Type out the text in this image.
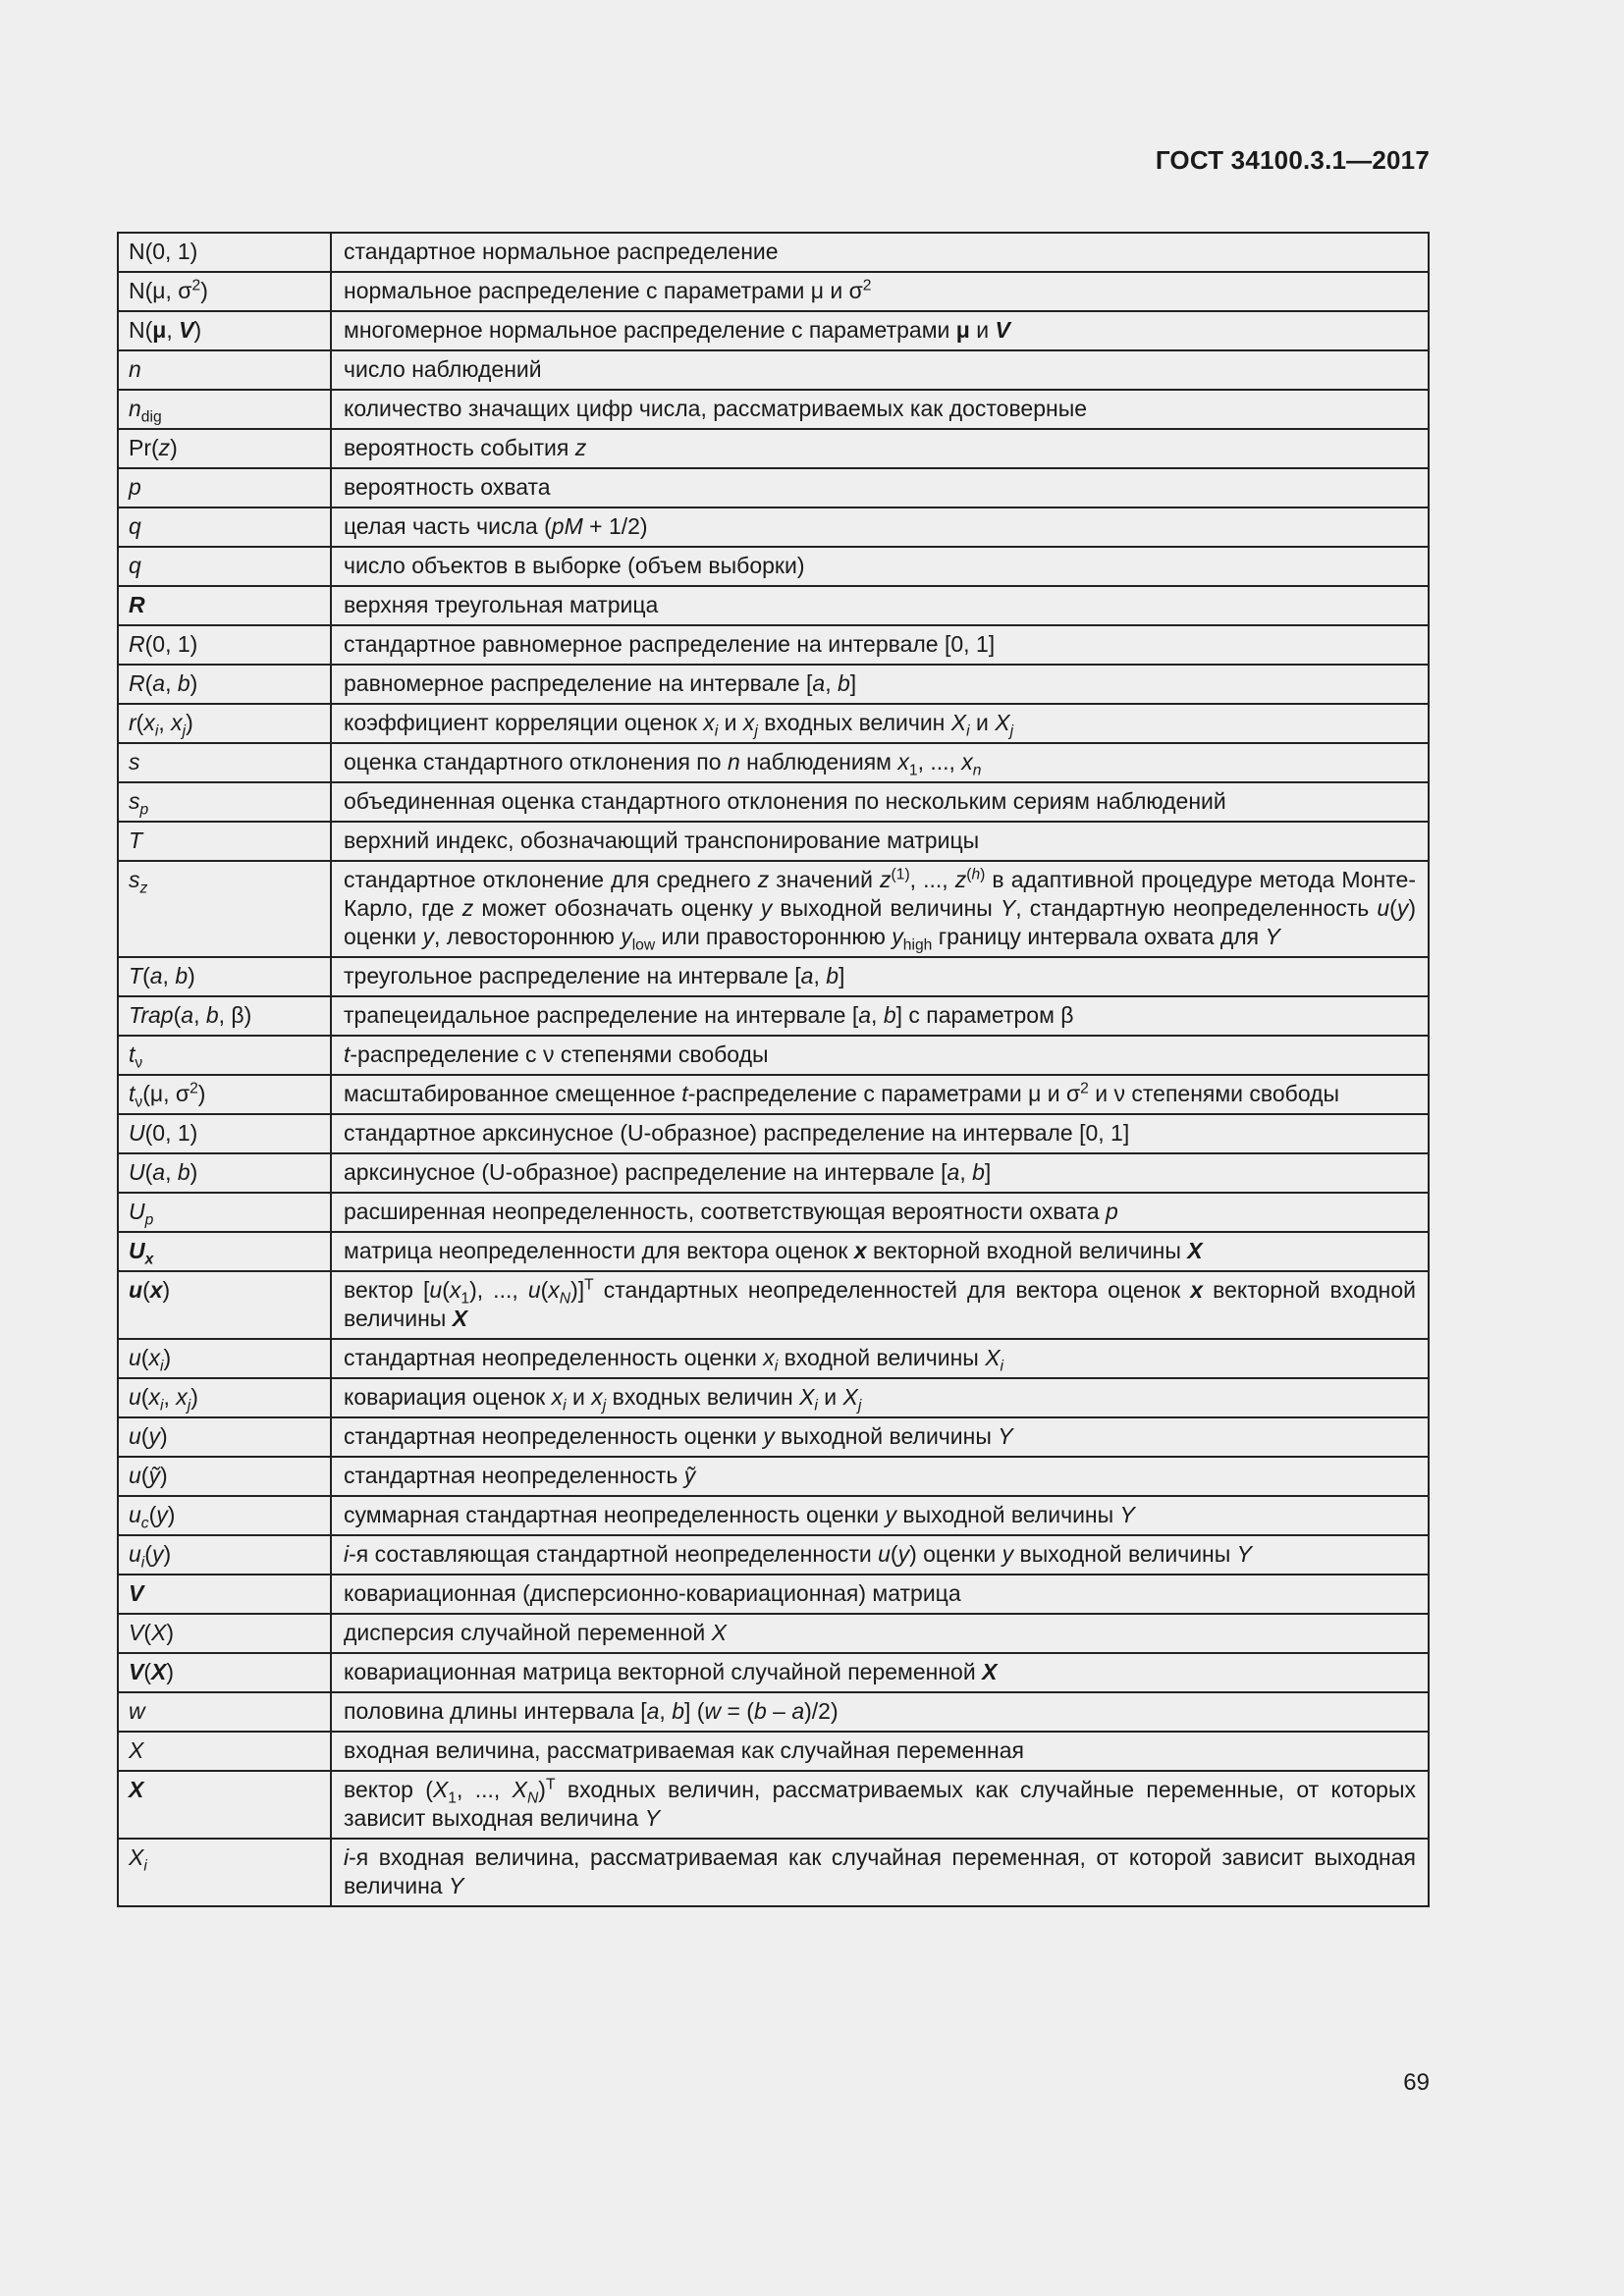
ГОСТ 34100.3.1—2017
N(0, 1)	стандартное нормальное распределение
N(μ, $\sigma^2$)	нормальное распределение с параметрами μ и $\sigma^2$
N(μ, V)	многомерное нормальное распределение с параметрами μ и V
n	число наблюдений
$n_{dig}$	количество значащих цифр числа, рассматриваемых как достоверные
Pr(z)	вероятность события z
p	вероятность охвата
q	целая часть числа (pM + 1/2)
q	число объектов в выборке (объем выборки)
R	верхняя треугольная матрица
R(0, 1)	стандартное равномерное распределение на интервале [0, 1]
R(a, b)	равномерное распределение на интервале [a, b]
$r(x_i$, $x_j$)	коэффициент корреляции оценок $x_i$ и $x_j$ входных величин $X_i$ и $X_j$
s	оценка стандартного отклонения по n наблюдениям $x_1$, ..., $x_n$
$s_p$	объединенная оценка стандартного отклонения по нескольким сериям наблюдений
T	верхний индекс, обозначающий транспонирование матрицы
$s_z$	стандартное отклонение для среднего z значений $z^{(1)}$, ..., $z^{(h)}$ в адаптивной процедуре метода Монте-Карло, где z может обозначать оценку y выходной величины Y, стандартную неопределенность u(y) оценки y, левостороннюю $y_{low}$ или правостороннюю $y_{high}$ границу интервала охвата для Y
T(a, b)	треугольное распределение на интервале [a, b]
Trap(a, b, β)	трапецеидальное распределение на интервале [a, b] с параметром β
$t_\nu$	t-распределение с ν степенями свободы
$t_\nu(\mu$, $\sigma^2$)	масштабированное смещенное t-распределение с параметрами μ и $\sigma^2$ и ν степенями свободы
U(0, 1)	стандартное арксинусное (U-образное) распределение на интервале [0, 1]
U(a, b)	арксинусное (U-образное) распределение на интервале [a, b]
$U_p$	расширенная неопределенность, соответствующая вероятности охвата p
$U_x$	матрица неопределенности для вектора оценок x векторной входной величины X
u(x)	вектор [$u(x_1)$, ..., $u(x_N)]^T$ стандартных неопределенностей для вектора оценок x векторной входной величины X
$u(x_i)$	стандартная неопределенность оценки $x_i$ входной величины $X_i$
$u(x_i$, $x_j$)	ковариация оценок $x_i$ и $x_j$ входных величин $X_i$ и $X_j$
u(y)	стандартная неопределенность оценки y выходной величины Y
u(ỹ)	стандартная неопределенность ỹ
$u_c(y)$	суммарная стандартная неопределенность оценки y выходной величины Y
$u_i(y)$	i-я составляющая стандартной неопределенности u(y) оценки y выходной величины Y
V	ковариационная (дисперсионно-ковариационная) матрица
V(X)	дисперсия случайной переменной X
V(X)	ковариационная матрица векторной случайной переменной X
w	половина длины интервала [a, b] (w = (b – a)/2)
X	входная величина, рассматриваемая как случайная переменная
X	вектор ($X_1$, ..., $X_N)^T$ входных величин, рассматриваемых как случайные переменные, от которых зависит выходная величина Y
$X_i$	i-я входная величина, рассматриваемая как случайная переменная, от которой зависит выходная величина Y
69
